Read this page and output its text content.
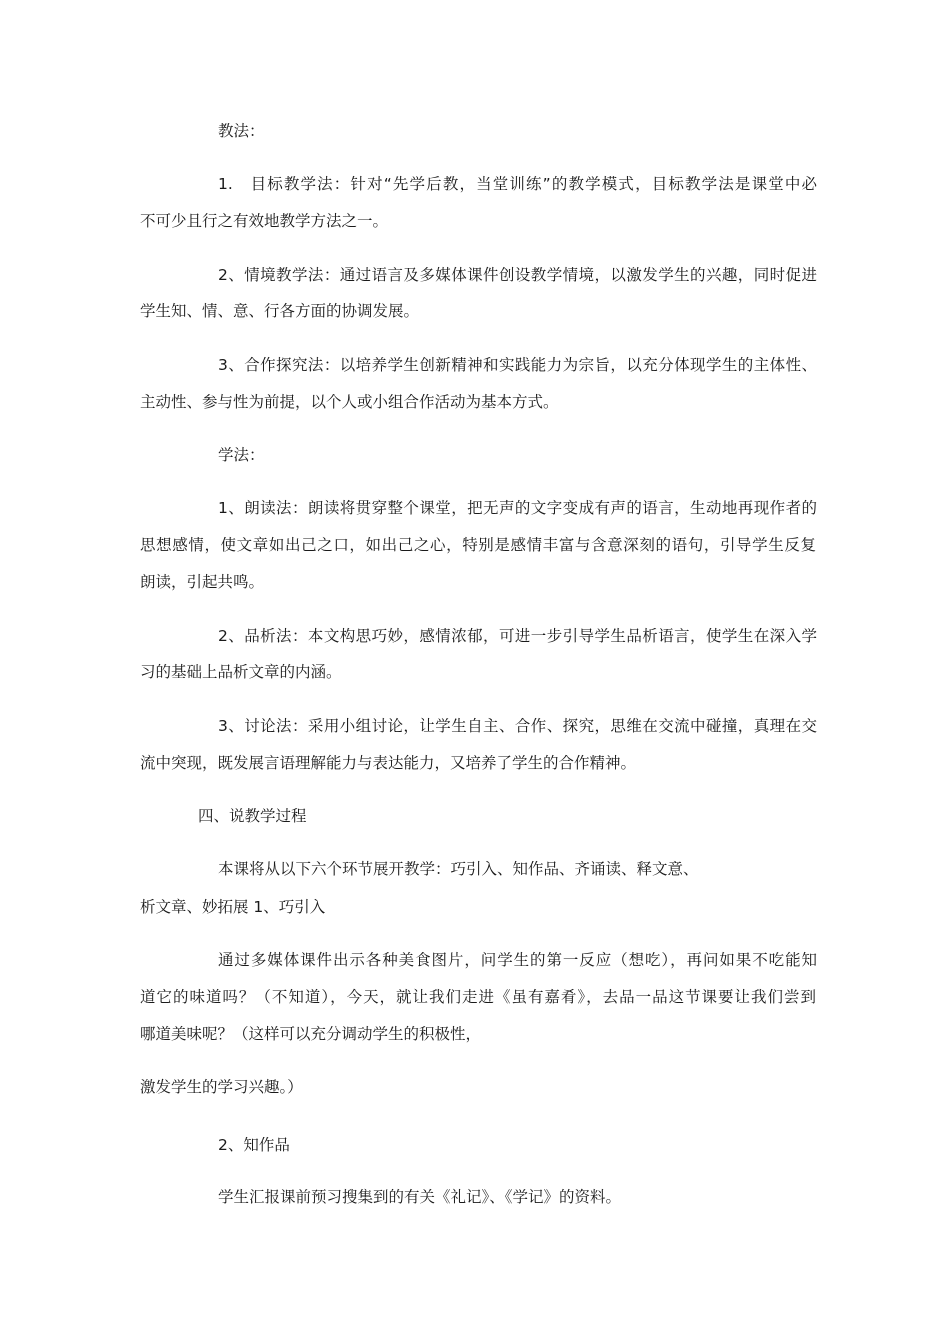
教法：
1.　目标教学法：针对“先学后教，当堂训练”的教学模式，目标教学法是课堂中必
不可少且行之有效地教学方法之一。
2、情境教学法：通过语言及多媒体课件创设教学情境，以激发学生的兴趣，同时促进
学生知、情、意、行各方面的协调发展。
3、合作探究法：以培养学生创新精神和实践能力为宗旨，以充分体现学生的主体性、
主动性、参与性为前提，以个人或小组合作活动为基本方式。
学法：
1、朗读法：朗读将贯穿整个课堂，把无声的文字变成有声的语言，生动地再现作者的
思想感情，使文章如出己之口，如出己之心，特别是感情丰富与含意深刻的语句，引导学生反复
朗读，引起共鸣。
2、品析法：本文构思巧妙，感情浓郁，可进一步引导学生品析语言，使学生在深入学
习的基础上品析文章的内涵。
3、讨论法：采用小组讨论，让学生自主、合作、探究，思维在交流中碰撞，真理在交
流中突现，既发展言语理解能力与表达能力，又培养了学生的合作精神。
四、说教学过程
本课将从以下六个环节展开教学：巧引入、知作品、齐诵读、释文意、
析文章、妙拓展 1、巧引入
通过多媒体课件出示各种美食图片，问学生的第一反应（想吃），再问如果不吃能知
道它的味道吗？（不知道），今天，就让我们走进《虽有嘉肴》，去品一品这节课要让我们尝到
哪道美味呢？（这样可以充分调动学生的积极性，
激发学生的学习兴趣。）
2、知作品
学生汇报课前预习搜集到的有关《礼记》、《学记》的资料。
